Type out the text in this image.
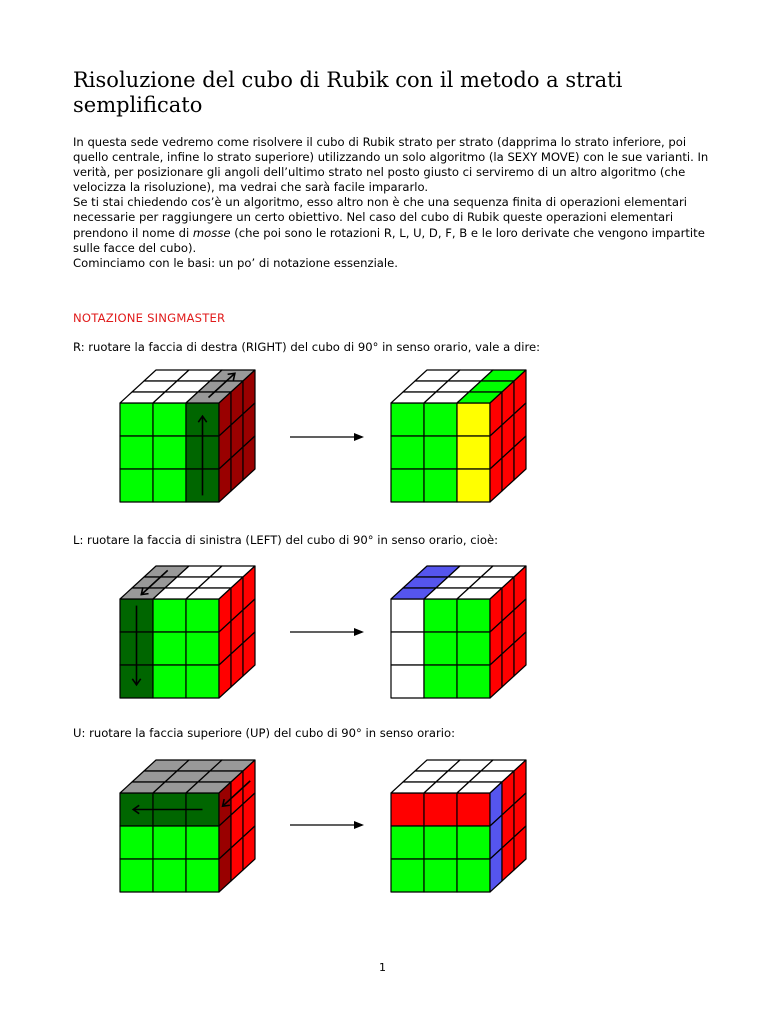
Risoluzione del cubo di Rubik con il metodo a strati semplificato

In questa sede vedremo come risolvere il cubo di Rubik strato per strato (dapprima lo strato inferiore, poi quello centrale, infine lo strato superiore) utilizzando un solo algoritmo (la SEXY MOVE) con le sue varianti. In verità, per posizionare gli angoli dell’ultimo strato nel posto giusto ci serviremo di un altro algoritmo (che velocizza la risoluzione), ma vedrai che sarà facile impararlo.

Se ti stai chiedendo cos’è un algoritmo, esso altro non è che una sequenza finita di operazioni elementari necessarie per raggiungere un certo obiettivo. Nel caso del cubo di Rubik queste operazioni elementari prendono il nome di mosse (che poi sono le rotazioni R, L, U, D, F, B e le loro derivate che vengono impartite sulle facce del cubo).

Cominciamo con le basi: un po’ di notazione essenziale.

NOTAZIONE SINGMASTER
R: ruotare la faccia di destra (RIGHT) del cubo di 90° in senso orario, vale a dire:
L: ruotare la faccia di sinistra (LEFT) del cubo di 90° in senso orario, cioè:
U: ruotare la faccia superiore (UP) del cubo di 90° in senso orario:
1
